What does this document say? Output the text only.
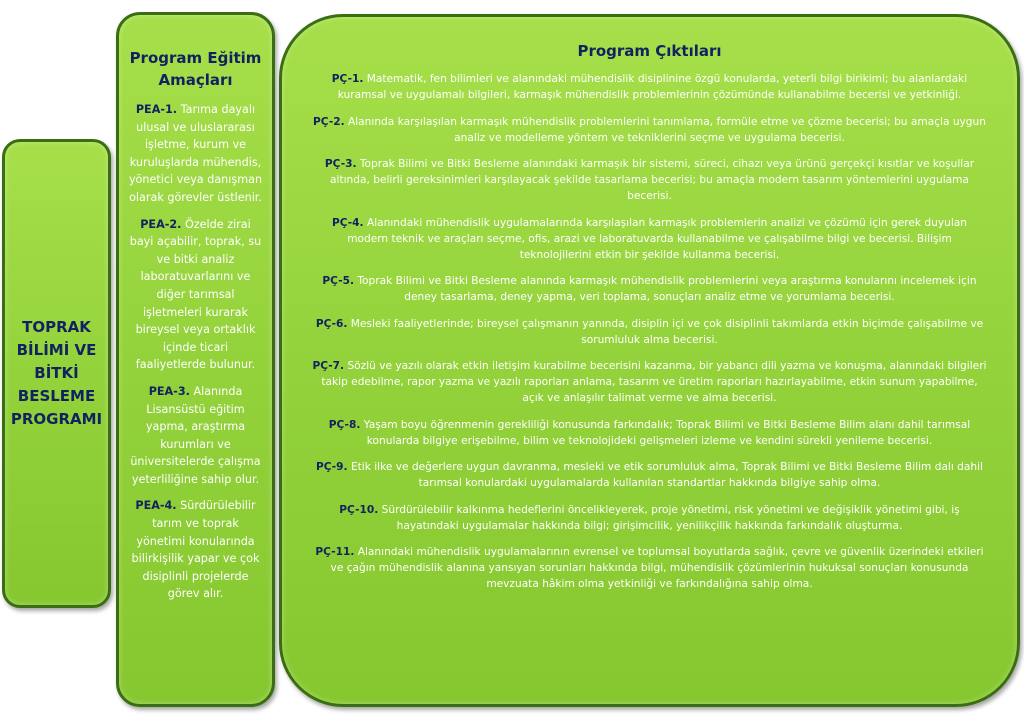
TOPRAK
BİLİMİ VE
BİTKİ
BESLEME
PROGRAMI
Program Eğitim Amaçları
PEA-1. Tarıma dayalı ulusal ve uluslararası işletme, kurum ve kuruluşlarda mühendis, yönetici veya danışman olarak görevler üstlenir.
PEA-2. Özelde zirai bayi açabilir, toprak, su ve bitki analiz laboratuvarlarını ve diğer tarımsal işletmeleri kurarak bireysel veya ortaklık içinde ticari faaliyetlerde bulunur.
PEA-3. Alanında Lisansüstü eğitim yapma, araştırma kurumları ve üniversitelerde çalışma yeterliliğine sahip olur.
PEA-4. Sürdürülebilir tarım ve toprak yönetimi konularında bilirkişilik yapar ve çok disiplinli projelerde görev alır.
Program Çıktıları
PÇ-1. Matematik, fen bilimleri ve alanındaki mühendislik disiplinine özgü konularda, yeterli bilgi birikimi; bu alanlardaki kuramsal ve uygulamalı bilgileri, karmaşık mühendislik problemlerinin çözümünde kullanabilme becerisi ve yetkinliği.
PÇ-2. Alanında karşılaşılan karmaşık mühendislik problemlerini tanımlama, formüle etme ve çözme becerisi; bu amaçla uygun analiz ve modelleme yöntem ve tekniklerini seçme ve uygulama becerisi.
PÇ-3. Toprak Bilimi ve Bitki Besleme alanındaki karmaşık bir sistemi, süreci, cihazı veya ürünü gerçekçi kısıtlar ve koşullar altında, belirli gereksinimleri karşılayacak şekilde tasarlama becerisi; bu amaçla modern tasarım yöntemlerini uygulama becerisi.
PÇ-4. Alanındaki mühendislik uygulamalarında karşılaşılan karmaşık problemlerin analizi ve çözümü için gerek duyulan modern teknik ve araçları seçme, ofis, arazi ve laboratuvarda kullanabilme ve çalışabilme bilgi ve becerisi. Bilişim teknolojilerini etkin bir şekilde kullanma becerisi.
PÇ-5. Toprak Bilimi ve Bitki Besleme alanında karmaşık mühendislik problemlerini veya araştırma konularını incelemek için deney tasarlama, deney yapma, veri toplama, sonuçları analiz etme ve yorumlama becerisi.
PÇ-6. Mesleki faaliyetlerinde; bireysel çalışmanın yanında, disiplin içi ve çok disiplinli takımlarda etkin biçimde çalışabilme ve sorumluluk alma becerisi.
PÇ-7. Sözlü ve yazılı olarak etkin iletişim kurabilme becerisini kazanma, bir yabancı dili yazma ve konuşma, alanındaki bilgileri takip edebilme, rapor yazma ve yazılı raporları anlama, tasarım ve üretim raporları hazırlayabilme, etkin sunum yapabilme, açık ve anlaşılır talimat verme ve alma becerisi.
PÇ-8. Yaşam boyu öğrenmenin gerekliliği konusunda farkındalık; Toprak Bilimi ve Bitki Besleme Bilim alanı dahil tarımsal konularda bilgiye erişebilme, bilim ve teknolojideki gelişmeleri izleme ve kendini sürekli yenileme becerisi.
PÇ-9. Etik ilke ve değerlere uygun davranma, mesleki ve etik sorumluluk alma, Toprak Bilimi ve Bitki Besleme Bilim dalı dahil tarımsal konulardaki uygulamalarda kullanılan standartlar hakkında bilgiye sahip olma.
PÇ-10. Sürdürülebilir kalkınma hedeflerini öncelikleyerek, proje yönetimi, risk yönetimi ve değişiklik yönetimi gibi, iş hayatındaki uygulamalar hakkında bilgi; girişimcilik, yenilikçilik hakkında farkındalık oluşturma.
PÇ-11. Alanındaki mühendislik uygulamalarının evrensel ve toplumsal boyutlarda sağlık, çevre ve güvenlik üzerindeki etkileri ve çağın mühendislik alanına yansıyan sorunları hakkında bilgi, mühendislik çözümlerinin hukuksal sonuçları konusunda mevzuata hâkim olma yetkinliği ve farkındalığına sahip olma.
